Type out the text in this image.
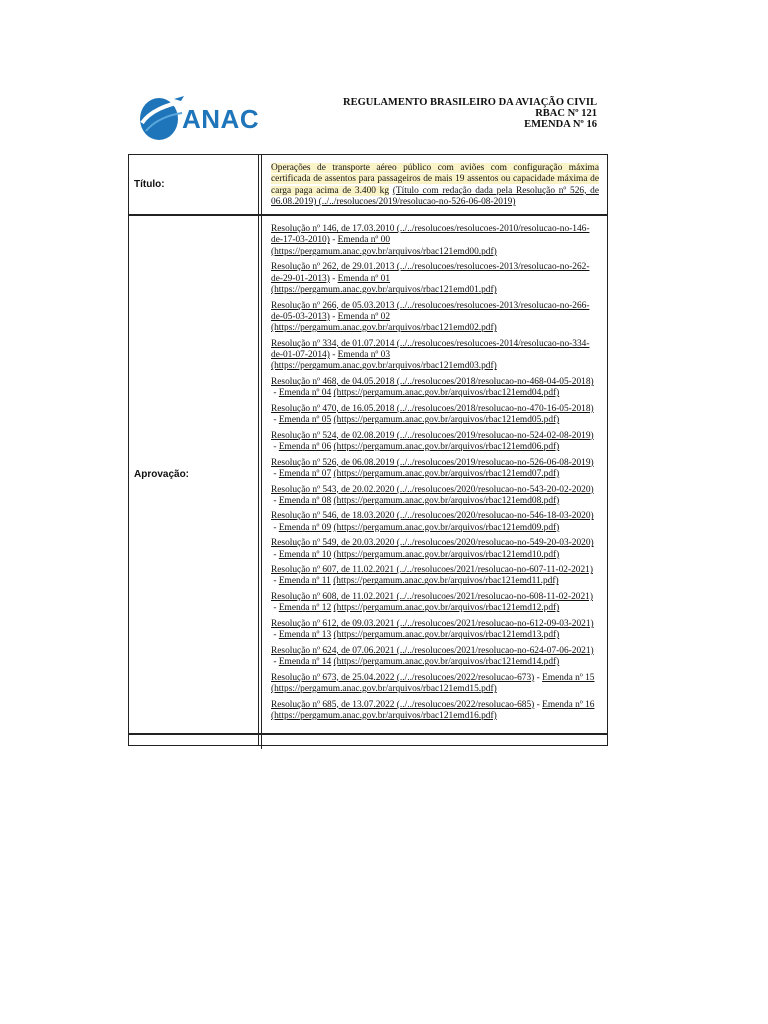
ANAC
REGULAMENTO BRASILEIRO DA AVIAÇÃO CIVIL
RBAC Nº 121
EMENDA Nº 16
Título:
Operações de transporte aéreo público com aviões com configuração máxima certificada de assentos para passageiros de mais 19 assentos ou capacidade máxima de carga paga acima de 3.400 kg (Título com redação dada pela Resolução nº 526, de 06.08.2019) (../../resolucoes/2019/resolucao-no-526-06-08-2019)
Aprovação:
Resolução nº 146, de 17.03.2010 (../../resolucoes/resolucoes-2010/resolucao-no-146-de-17-03-2010) - Emenda nº 00 (https://pergamum.anac.gov.br/arquivos/rbac121emd00.pdf)
Resolução nº 262, de 29.01.2013 (../../resolucoes/resolucoes-2013/resolucao-no-262-de-29-01-2013) - Emenda nº 01 (https://pergamum.anac.gov.br/arquivos/rbac121emd01.pdf)
Resolução nº 266, de 05.03.2013 (../../resolucoes/resolucoes-2013/resolucao-no-266-de-05-03-2013) - Emenda nº 02 (https://pergamum.anac.gov.br/arquivos/rbac121emd02.pdf)
Resolução nº 334, de 01.07.2014 (../../resolucoes/resolucoes-2014/resolucao-no-334-de-01-07-2014) - Emenda nº 03 (https://pergamum.anac.gov.br/arquivos/rbac121emd03.pdf)
Resolução nº 468, de 04.05.2018 (../../resolucoes/2018/resolucao-no-468-04-05-2018) - Emenda nº 04 (https://pergamum.anac.gov.br/arquivos/rbac121emd04.pdf)
Resolução nº 470, de 16.05.2018 (../../resolucoes/2018/resolucao-no-470-16-05-2018) - Emenda nº 05 (https://pergamum.anac.gov.br/arquivos/rbac121emd05.pdf)
Resolução nº 524, de 02.08.2019 (../../resolucoes/2019/resolucao-no-524-02-08-2019) - Emenda nº 06 (https://pergamum.anac.gov.br/arquivos/rbac121emd06.pdf)
Resolução nº 526, de 06.08.2019 (../../resolucoes/2019/resolucao-no-526-06-08-2019) - Emenda nº 07 (https://pergamum.anac.gov.br/arquivos/rbac121emd07.pdf)
Resolução nº 543, de 20.02.2020 (../../resolucoes/2020/resolucao-no-543-20-02-2020) - Emenda nº 08 (https://pergamum.anac.gov.br/arquivos/rbac121emd08.pdf)
Resolução nº 546, de 18.03.2020 (../../resolucoes/2020/resolucao-no-546-18-03-2020) - Emenda nº 09 (https://pergamum.anac.gov.br/arquivos/rbac121emd09.pdf)
Resolução nº 549, de 20.03.2020 (../../resolucoes/2020/resolucao-no-549-20-03-2020) - Emenda nº 10 (https://pergamum.anac.gov.br/arquivos/rbac121emd10.pdf)
Resolução nº 607, de 11.02.2021 (../../resolucoes/2021/resolucao-no-607-11-02-2021) - Emenda nº 11 (https://pergamum.anac.gov.br/arquivos/rbac121emd11.pdf)
Resolução nº 608, de 11.02.2021 (../../resolucoes/2021/resolucao-no-608-11-02-2021) - Emenda nº 12 (https://pergamum.anac.gov.br/arquivos/rbac121emd12.pdf)
Resolução nº 612, de 09.03.2021 (../../resolucoes/2021/resolucao-no-612-09-03-2021) - Emenda nº 13 (https://pergamum.anac.gov.br/arquivos/rbac121emd13.pdf)
Resolução nº 624, de 07.06.2021 (../../resolucoes/2021/resolucao-no-624-07-06-2021) - Emenda nº 14 (https://pergamum.anac.gov.br/arquivos/rbac121emd14.pdf)
Resolução nº 673, de 25.04.2022 (../../resolucoes/2022/resolucao-673) - Emenda nº 15 (https://pergamum.anac.gov.br/arquivos/rbac121emd15.pdf)
Resolução nº 685, de 13.07.2022 (../../resolucoes/2022/resolucao-685) - Emenda nº 16 (https://pergamum.anac.gov.br/arquivos/rbac121emd16.pdf)
